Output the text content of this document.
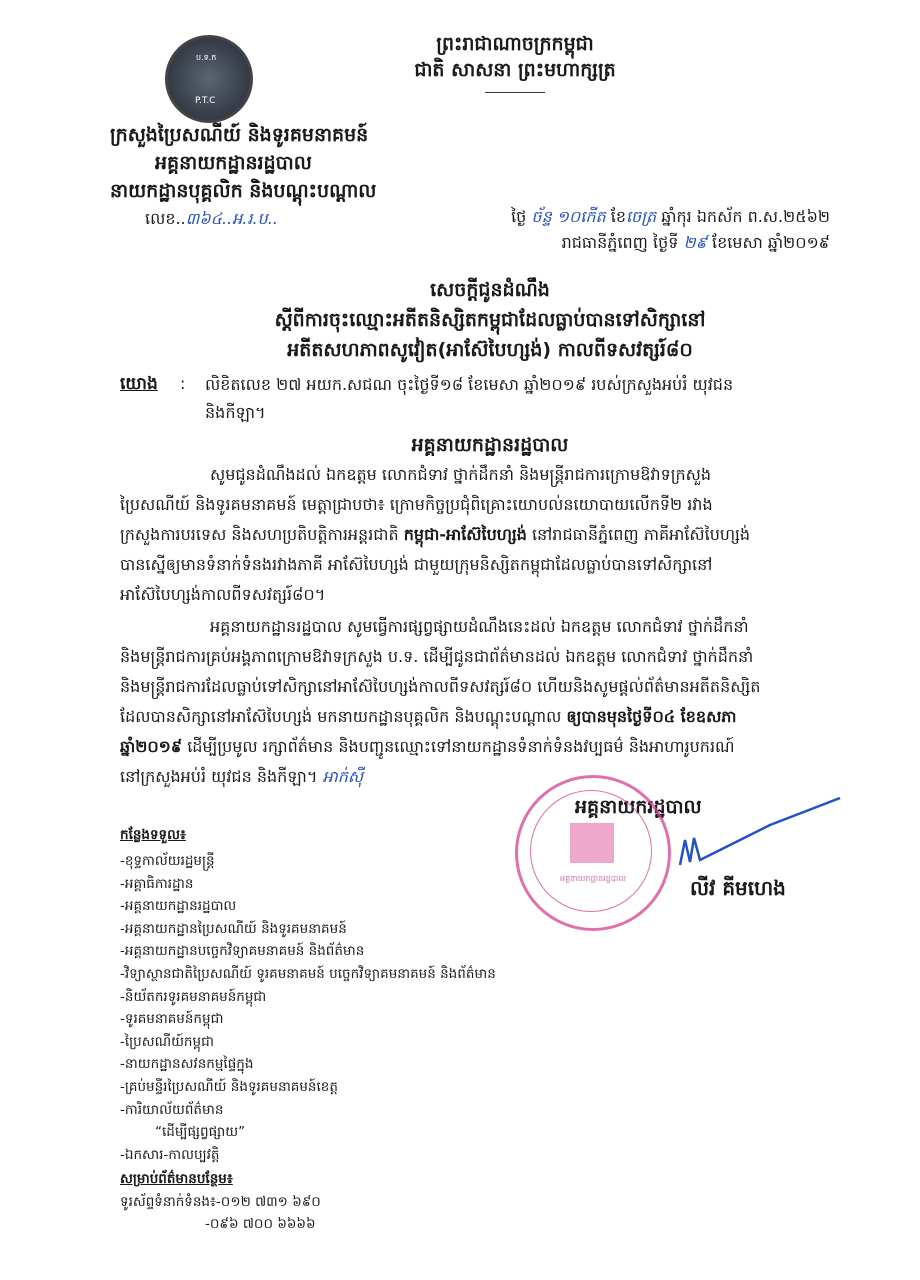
ប.ទ.ក
P.T.C
ព្រះរាជាណាចក្រកម្ពុជា
ជាតិ សាសនា ព្រះមហាក្សត្រ
ក្រសួងប្រៃសណីយ៍ និងទូរគមនាគមន៍
អគ្គនាយកដ្ឋានរដ្ឋបាល
នាយកដ្ឋានបុគ្គលិក និងបណ្តុះបណ្តាល
លេខ..៣៦៤..អ.រ.ប..	ថ្ងៃ ច័ន្ទ ១០កើត ខែចេត្រ ឆ្នាំកុរ ឯកស័ក ព.ស.២៥៦២
រាជធានីភ្នំពេញ ថ្ងៃទី ២៩ ខែមេសា ឆ្នាំ២០១៩
សេចក្តីជូនដំណឹង
ស្តីពីការចុះឈ្មោះអតីតនិស្សិតកម្ពុជាដែលធ្លាប់បានទៅសិក្សានៅ
អតីតសហភាពសូវៀត(អាស៊ែបៃហ្សង់) កាលពីទសវត្សរ៍៨០
យោង : លិខិតលេខ ២៧ អយក.សជណ ចុះថ្ងៃទី១៨ ខែមេសា ឆ្នាំ២០១៩ របស់ក្រសួងអប់រំ យុវជន
និងកីឡា។
អគ្គនាយកដ្ឋានរដ្ឋបាល
សូមជូនដំណឹងដល់ ឯកឧត្តម លោកជំទាវ ថ្នាក់ដឹកនាំ និងមន្ត្រីរាជការក្រោមឱវាទក្រសួង
ប្រៃសណីយ៍ និងទូរគមនាគមន៍ មេត្តាជ្រាបថា៖ ក្រោមកិច្ចប្រជុំពិគ្រោះយោបល់នយោបាយលើកទី២ រវាង
ក្រសួងការបរទេស និងសហប្រតិបត្តិការអន្តរជាតិ កម្ពុជា-អាស៊ែបៃហ្សង់ នៅរាជធានីភ្នំពេញ ភាគីអាស៊ែបៃហ្សង់
បានស្នើឲ្យមានទំនាក់ទំនងរវាងភាគី អាស៊ែបៃហ្សង់ ជាមួយក្រុមនិស្សិតកម្ពុជាដែលធ្លាប់បានទៅសិក្សានៅ
អាស៊ែបៃហ្សង់កាលពីទសវត្សរ៍៨០។
អគ្គនាយកដ្ឋានរដ្ឋបាល សូមធ្វើការផ្សព្វផ្សាយដំណឹងនេះដល់ ឯកឧត្តម លោកជំទាវ ថ្នាក់ដឹកនាំ
និងមន្ត្រីរាជការគ្រប់អង្គភាពក្រោមឱវាទក្រសួង ប.ទ. ដើម្បីជូនជាព័ត៌មានដល់ ឯកឧត្តម លោកជំទាវ ថ្នាក់ដឹកនាំ
និងមន្ត្រីរាជការដែលធ្លាប់ទៅសិក្សានៅអាស៊ែបៃហ្សង់កាលពីទសវត្សរ៍៨០ ហើយនិងសូមផ្តល់ព័ត៌មានអតីតនិស្សិត
ដែលបានសិក្សានៅអាស៊ែបៃហ្សង់ មកនាយកដ្ឋានបុគ្គលិក និងបណ្តុះបណ្តាល ឲ្យបានមុនថ្ងៃទី០៤ ខែឧសភា
ឆ្នាំ២០១៩ ដើម្បីប្រមូល រក្សាព័ត៌មាន និងបញ្ជូនឈ្មោះទៅនាយកដ្ឋានទំនាក់ទំនងវប្បធម៌ និងអាហារូបករណ៍
នៅក្រសួងអប់រំ យុវជន និងកីឡា។ អាក់ស៊ី
អគ្គនាយករដ្ឋបាល
អគ្គនាយកដ្ឋានរដ្ឋបាល	លីវ គីមហេង
កន្លែងទទួល៖
-ខុទ្ទកាល័យរដ្ឋមន្ត្រី
-អគ្គាធិការដ្ឋាន
-អគ្គនាយកដ្ឋានរដ្ឋបាល
-អគ្គនាយកដ្ឋានប្រៃសណីយ៍ និងទូរគមនាគមន៍
-អគ្គនាយកដ្ឋានបច្ចេកវិទ្យាគមនាគមន៍ និងព័ត៌មាន
-វិទ្យាស្ថានជាតិប្រៃសណីយ៍ ទូរគមនាគមន៍ បច្ចេកវិទ្យាគមនាគមន៍ និងព័ត៌មាន
-និយ័តករទូរគមនាគមន៍កម្ពុជា
-ទូរគមនាគមន៍កម្ពុជា
-ប្រៃសណីយ៍កម្ពុជា
-នាយកដ្ឋានសវនកម្មផ្ទៃក្នុង
-គ្រប់មន្ទីរប្រៃសណីយ៍ និងទូរគមនាគមន៍ខេត្ត
-ការិយាល័យព័ត៌មាន
“ដើម្បីផ្សព្វផ្សាយ”
-ឯកសារ-កាលប្បវត្តិ
សម្រាប់ព័ត៌មានបន្ថែម៖
ទូរស័ព្ទទំនាក់ទំនង៖-០១២ ៧៣១ ៦៩០
-០៩៦ ៧០០ ៦៦៦៦
